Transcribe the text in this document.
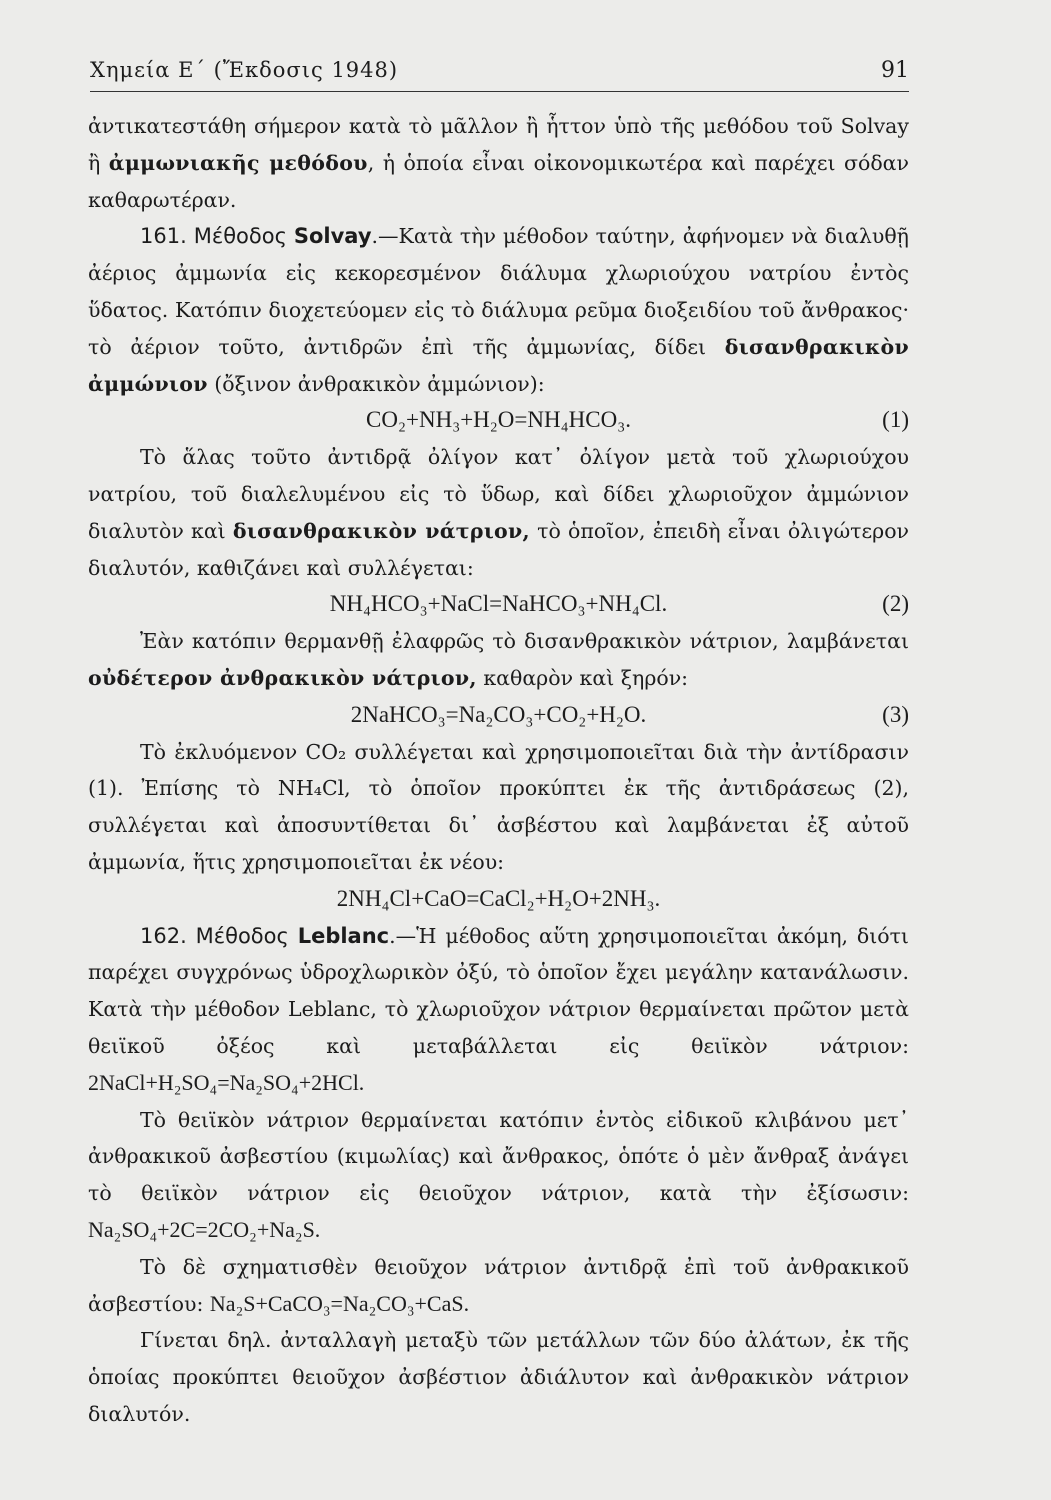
Χημεία Ε΄ (Ἔκδοσις 1948)	91

ἀντικατεστάθη σήμερον κατὰ τὸ μᾶλλον ἢ ἧττον ὑπὸ τῆς μεθόδου τοῦ Solvay ἢ ἀμμωνιακῆς μεθόδου, ἡ ὁποία εἶναι οἰκονομικωτέρα καὶ παρέχει σόδαν καθαρωτέραν.

161. Μέθοδος Solvay.—Κατὰ τὴν μέθοδον ταύτην, ἀφήνομεν νὰ διαλυθῇ ἀέριος ἀμμωνία εἰς κεκορεσμένον διάλυμα χλωριούχου νατρίου ἐντὸς ὕδατος. Κατόπιν διοχετεύομεν εἰς τὸ διάλυμα ρεῦμα διοξειδίου τοῦ ἄνθρακος· τὸ ἀέριον τοῦτο, ἀντιδρῶν ἐπὶ τῆς ἀμμωνίας, δίδει δισανθρακικὸν ἀμμώνιον (ὄξινον ἀνθρακικὸν ἀμμώνιον):

CO₂+NH₃+H₂O=NH₄HCO₃.	(1)

Τὸ ἅλας τοῦτο ἀντιδρᾷ ὀλίγον κατ᾽ ὀλίγον μετὰ τοῦ χλωριούχου νατρίου, τοῦ διαλελυμένου εἰς τὸ ὕδωρ, καὶ δίδει χλωριοῦχον ἀμμώνιον διαλυτὸν καὶ δισανθρακικὸν νάτριον, τὸ ὁποῖον, ἐπειδὴ εἶναι ὀλιγώτερον διαλυτόν, καθιζάνει καὶ συλλέγεται:

NH₄HCO₃+NaCl=NaHCO₃+NH₄Cl.	(2)

Ἐὰν κατόπιν θερμανθῇ ἐλαφρῶς τὸ δισανθρακικὸν νάτριον, λαμβάνεται οὐδέτερον ἀνθρακικὸν νάτριον, καθαρὸν καὶ ξηρόν:

2NaHCO₃=Na₂CO₃+CO₂+H₂O.	(3)

Τὸ ἐκλυόμενον CO₂ συλλέγεται καὶ χρησιμοποιεῖται διὰ τὴν ἀντίδρασιν (1). Ἐπίσης τὸ NH₄Cl, τὸ ὁποῖον προκύπτει ἐκ τῆς ἀντιδράσεως (2), συλλέγεται καὶ ἀποσυντίθεται δι᾽ ἀσβέστου καὶ λαμβάνεται ἐξ αὐτοῦ ἀμμωνία, ἥτις χρησιμοποιεῖται ἐκ νέου:

2NH₄Cl+CaO=CaCl₂+H₂O+2NH₃.

162. Μέθοδος Leblanc.—Ἡ μέθοδος αὕτη χρησιμοποιεῖται ἀκόμη, διότι παρέχει συγχρόνως ὑδροχλωρικὸν ὀξύ, τὸ ὁποῖον ἔχει μεγάλην κατανάλωσιν. Κατὰ τὴν μέθοδον Leblanc, τὸ χλωριοῦχον νάτριον θερμαίνεται πρῶτον μετὰ θειϊκοῦ ὀξέος καὶ μεταβάλλεται εἰς θειϊκὸν νάτριον: 2NaCl+H₂SO₄=Na₂SO₄+2HCl.

Τὸ θειϊκὸν νάτριον θερμαίνεται κατόπιν ἐντὸς εἰδικοῦ κλιβάνου μετ᾽ ἀνθρακικοῦ ἀσβεστίου (κιμωλίας) καὶ ἄνθρακος, ὁπότε ὁ μὲν ἄνθραξ ἀνάγει τὸ θειϊκὸν νάτριον εἰς θειοῦχον νάτριον, κατὰ τὴν ἐξίσωσιν: Na₂SO₄+2C=2CO₂+Na₂S.

Τὸ δὲ σχηματισθὲν θειοῦχον νάτριον ἀντιδρᾷ ἐπὶ τοῦ ἀνθρακικοῦ ἀσβεστίου: Na₂S+CaCO₃=Na₂CO₃+CaS.

Γίνεται δηλ. ἀνταλλαγὴ μεταξὺ τῶν μετάλλων τῶν δύο ἀλάτων, ἐκ τῆς ὁποίας προκύπτει θειοῦχον ἀσβέστιον ἀδιάλυτον καὶ ἀνθρακικὸν νάτριον διαλυτόν.
